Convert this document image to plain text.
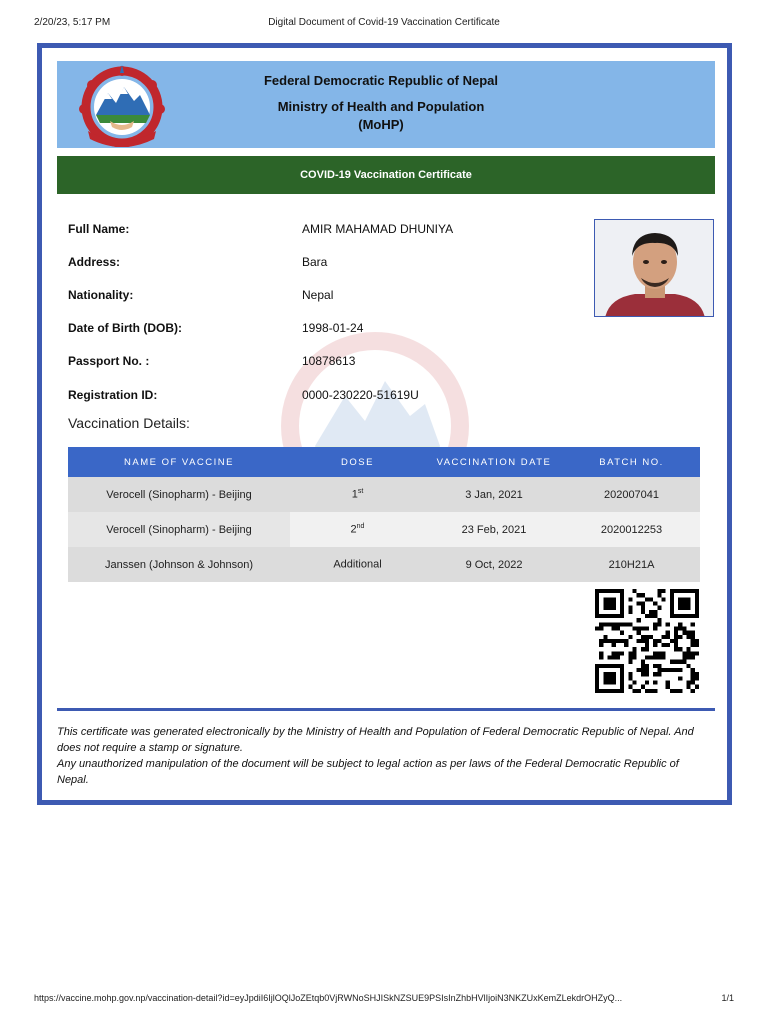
2/20/23, 5:17 PM	Digital Document of Covid-19 Vaccination Certificate
Federal Democratic Republic of Nepal
Ministry of Health and Population
(MoHP)
COVID-19 Vaccination Certificate
Full Name:	AMIR MAHAMAD DHUNIYA
Address:	Bara
Nationality:	Nepal
Date of Birth (DOB):	1998-01-24
Passport No. :	10878613
Registration ID:	0000-230220-51619U
Vaccination Details:
NAME OF VACCINE	DOSE	VACCINATION DATE	BATCH NO.
Verocell (Sinopharm) - Beijing	1st	3 Jan, 2021	202007041
Verocell (Sinopharm) - Beijing	2nd	23 Feb, 2021	2020012253
Janssen (Johnson & Johnson)	Additional	9 Oct, 2022	210H21A
This certificate was generated electronically by the Ministry of Health and Population of Federal Democratic Republic of Nepal. And does not require a stamp or signature.
Any unauthorized manipulation of the document will be subject to legal action as per laws of the Federal Democratic Republic of Nepal.
https://vaccine.mohp.gov.np/vaccination-detail?id=eyJpdiI6IjlOQlJoZEtqb0VjRWNoSHJISkNZSUE9PSIsInZhbHVlIjoiN3NKZUxKemZLekdrOHZyQ...	1/1
